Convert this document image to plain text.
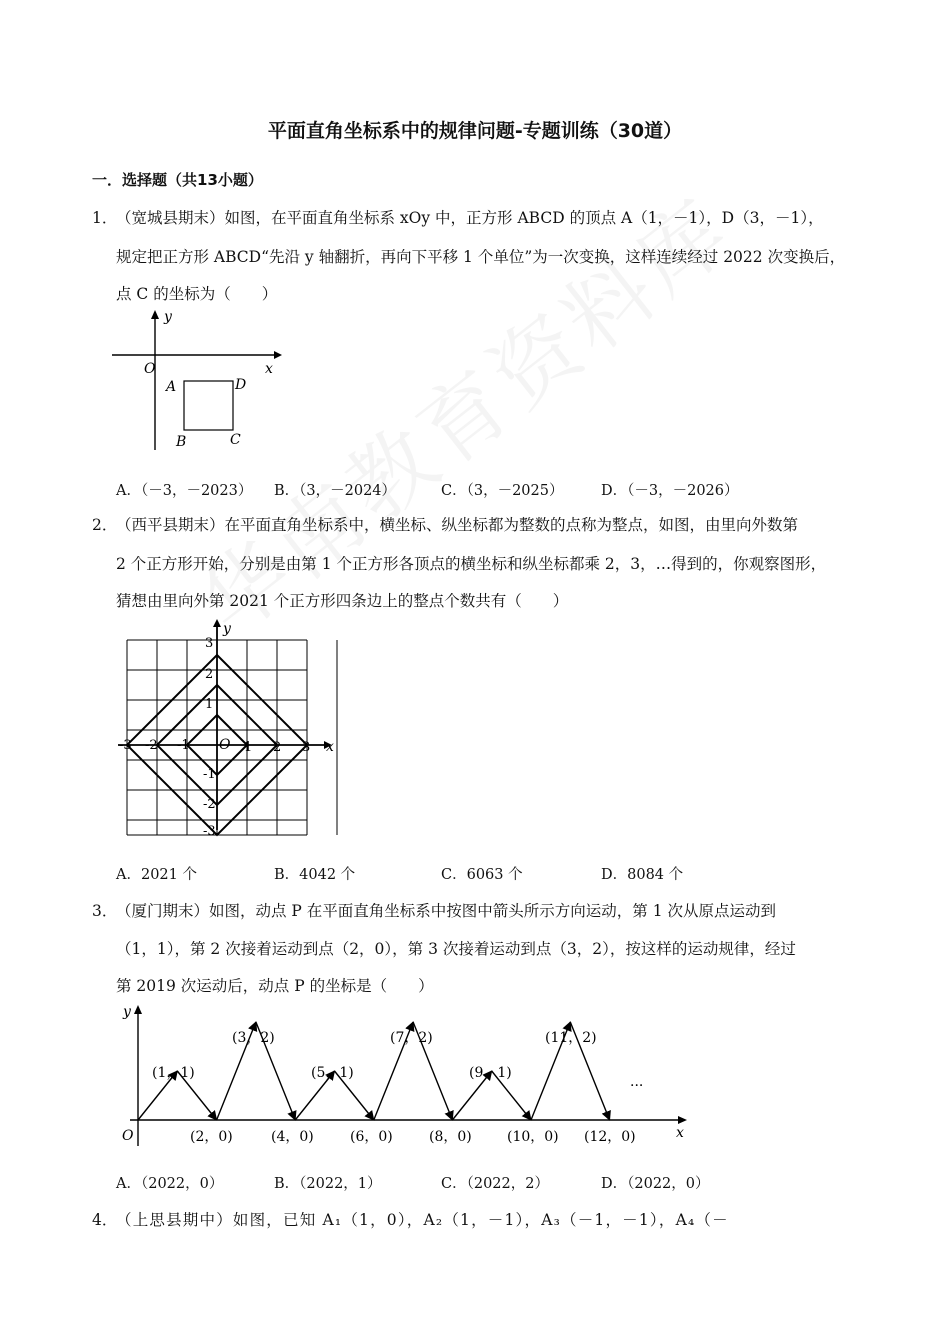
平面直角坐标系中的规律问题-专题训练（30道）
一．选择题（共13小题）
1．
（宽城县期末）如图，在平面直角坐标系 xOy 中，正方形 ABCD 的顶点 A（1，－1），D（3，－1），
规定把正方形 ABCD“先沿 y 轴翻折，再向下平移 1 个单位”为一次变换，这样连续经过 2022 次变换后，
点 C 的坐标为（　　）
x
y
O
A	D
B	C
A．（－3，－2023） B．（3，－2024）	C．（3，－2025）	D．（－3，－2026）
2．
（西平县期末）在平面直角坐标系中，横坐标、纵坐标都为整数的点称为整点，如图，由里向外数第
2 个正方形开始，分别是由第 1 个正方形各顶点的横坐标和纵坐标都乘 2，3，…得到的，你观察图形，
猜想由里向外第 2021 个正方形四条边上的整点个数共有（　　）
x
y
O
-3 -2 -1	1 2 3
3
2
1
-1
-2
-3
A．2021 个	B．4042 个	C．6063 个	D．8084 个
3．
（厦门期末）如图，动点 P 在平面直角坐标系中按图中箭头所示方向运动，第 1 次从原点运动到
（1，1），第 2 次接着运动到点（2，0），第 3 次接着运动到点（3，2），按这样的运动规律，经过
第 2019 次运动后，动点 P 的坐标是（　　）
x
y
O
(1，1)
(2，0)
(3，2)
(4，0)
(5，1)
(6，0)
(7，2)
(8，0)
(9，1)
(10，0)
(11，2)
(12，0)
···
A．（2022，0）	B．（2022，1）	C．（2022，2）	D．（2022，0）
4．
（上思县期中）如图，已知 A₁（1，0），A₂（1，－1），A₃（－1，－1），A₄（－
